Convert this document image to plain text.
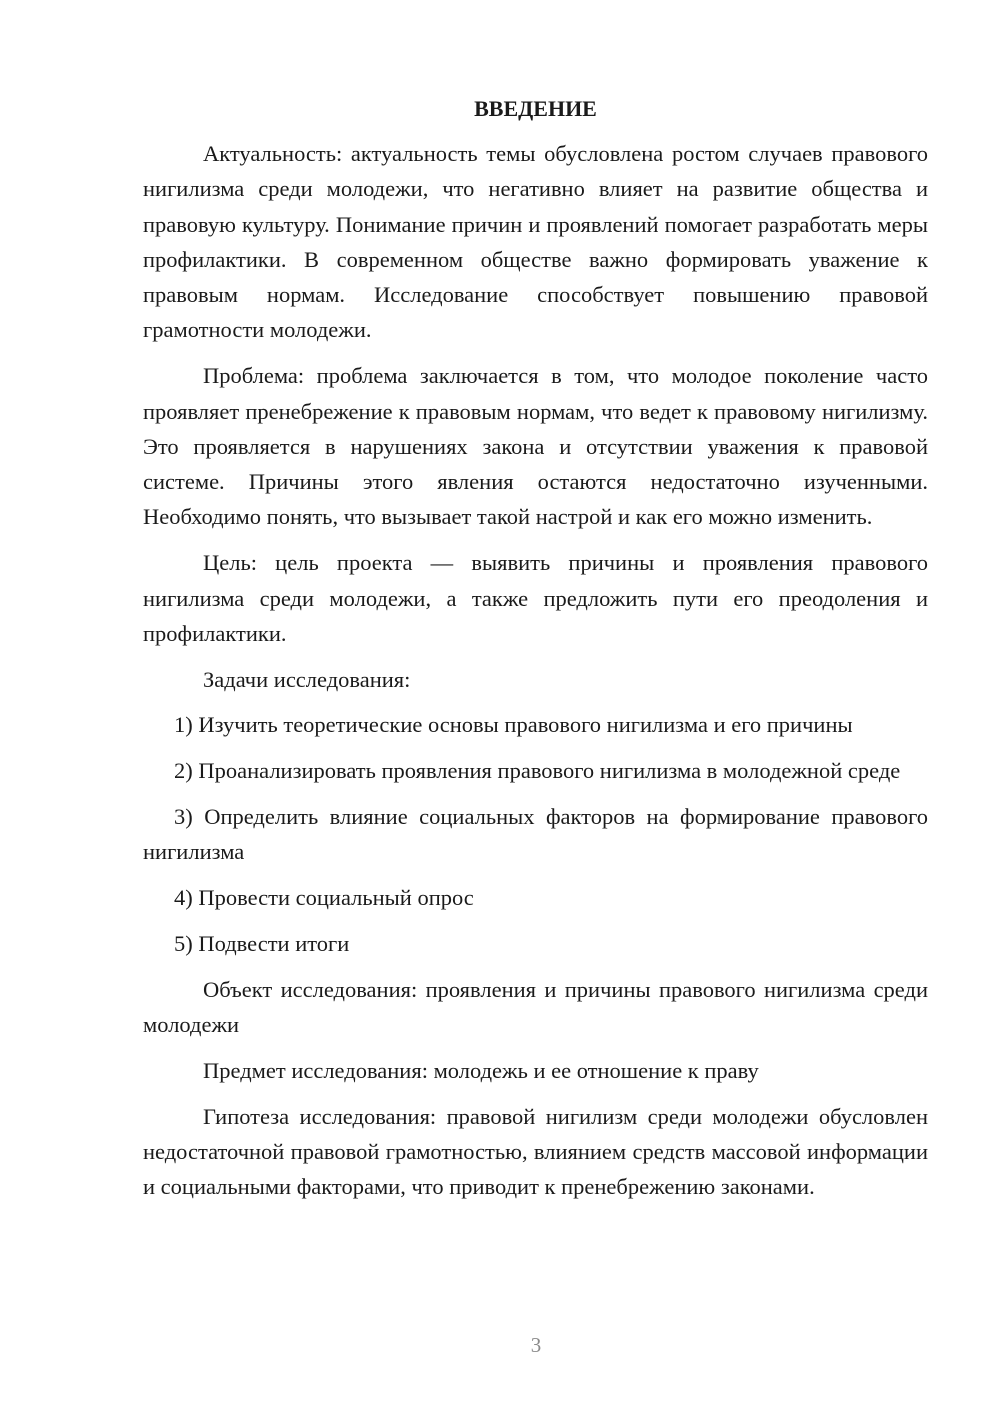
ВВЕДЕНИЕ

Актуальность: актуальность темы обусловлена ростом случаев правового нигилизма среди молодежи, что негативно влияет на развитие общества и правовую культуру. Понимание причин и проявлений помогает разработать меры профилактики. В современном обществе важно формировать уважение к правовым нормам. Исследование способствует повышению правовой грамотности молодежи.

Проблема: проблема заключается в том, что молодое поколение часто проявляет пренебрежение к правовым нормам, что ведет к правовому нигилизму. Это проявляется в нарушениях закона и отсутствии уважения к правовой системе. Причины этого явления остаются недостаточно изученными. Необходимо понять, что вызывает такой настрой и как его можно изменить.

Цель: цель проекта — выявить причины и проявления правового нигилизма среди молодежи, а также предложить пути его преодоления и профилактики.

Задачи исследования:

1) Изучить теоретические основы правового нигилизма и его причины

2) Проанализировать проявления правового нигилизма в молодежной среде

3) Определить влияние социальных факторов на формирование правового нигилизма

4) Провести социальный опрос

5) Подвести итоги

Объект исследования: проявления и причины правового нигилизма среди молодежи

Предмет исследования: молодежь и ее отношение к праву

Гипотеза исследования: правовой нигилизм среди молодежи обусловлен недостаточной правовой грамотностью, влиянием средств массовой информации и социальными факторами, что приводит к пренебрежению законами.

3
